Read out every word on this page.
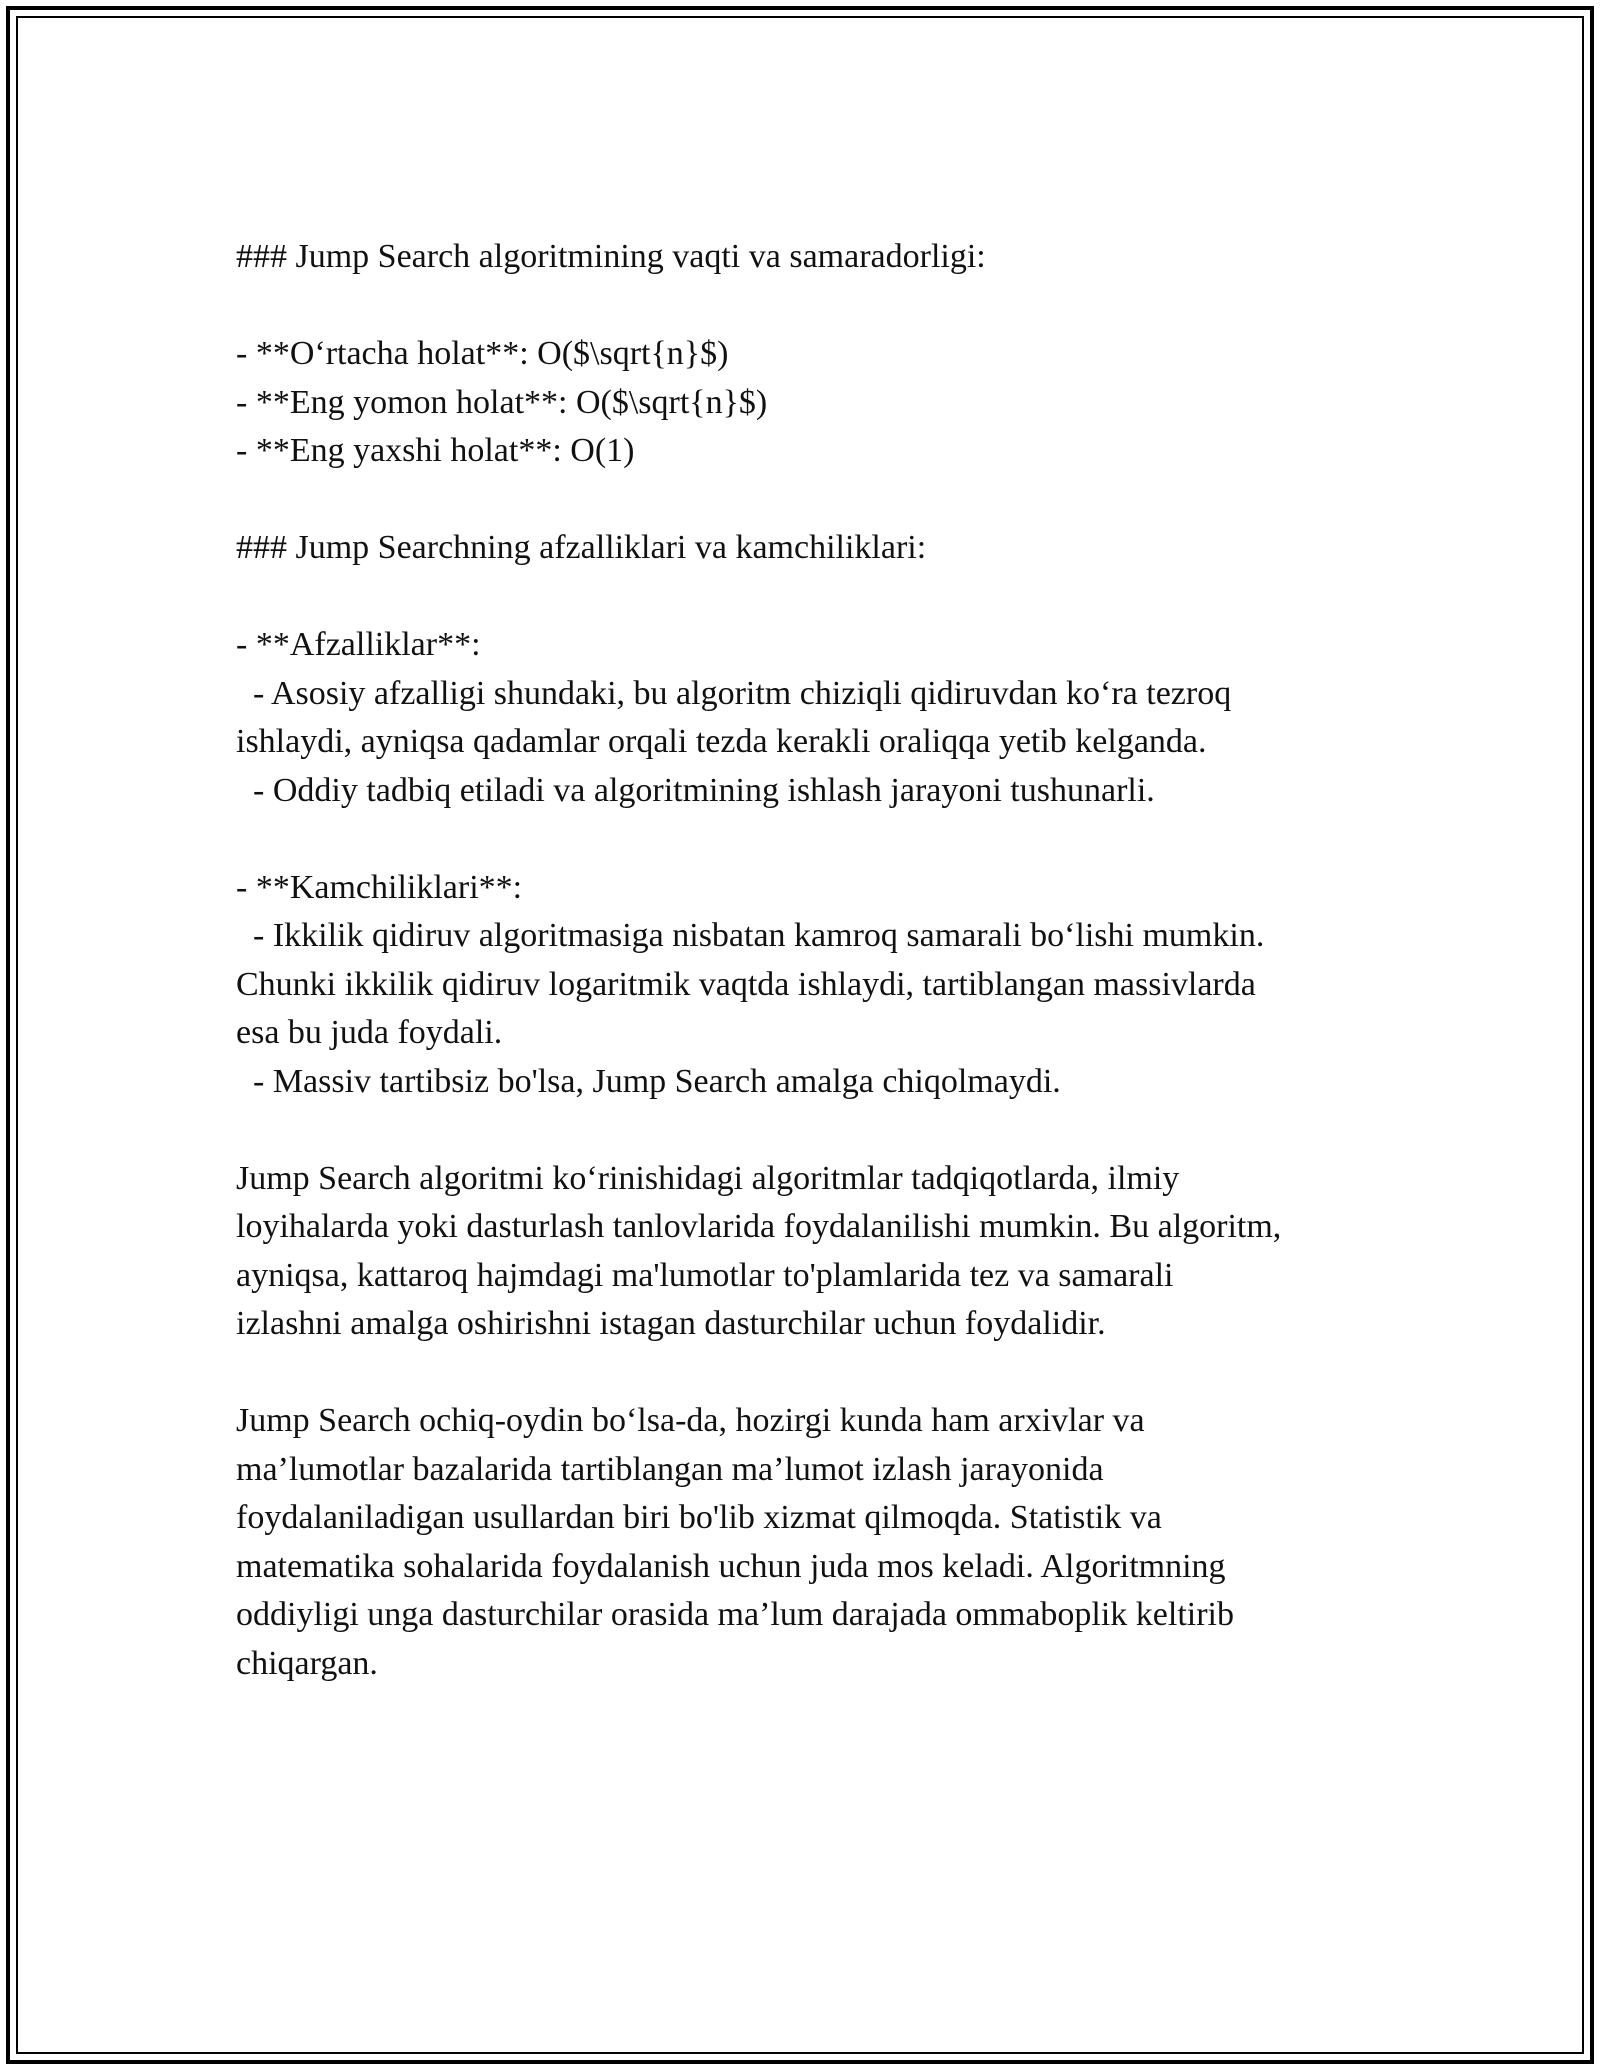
### Jump Search algoritmining vaqti va samaradorligi:
- **O‘rtacha holat**: O($\sqrt{n}$)
- **Eng yomon holat**: O($\sqrt{n}$)
- **Eng yaxshi holat**: O(1)
### Jump Searchning afzalliklari va kamchiliklari:
- **Afzalliklar**:
- Asosiy afzalligi shundaki, bu algoritm chiziqli qidiruvdan ko‘ra tezroq
ishlaydi, ayniqsa qadamlar orqali tezda kerakli oraliqqa yetib kelganda.
- Oddiy tadbiq etiladi va algoritmining ishlash jarayoni tushunarli.
- **Kamchiliklari**:
- Ikkilik qidiruv algoritmasiga nisbatan kamroq samarali bo‘lishi mumkin.
Chunki ikkilik qidiruv logaritmik vaqtda ishlaydi, tartiblangan massivlarda
esa bu juda foydali.
- Massiv tartibsiz bo'lsa, Jump Search amalga chiqolmaydi.
Jump Search algoritmi ko‘rinishidagi algoritmlar tadqiqotlarda, ilmiy
loyihalarda yoki dasturlash tanlovlarida foydalanilishi mumkin. Bu algoritm,
ayniqsa, kattaroq hajmdagi ma'lumotlar to'plamlarida tez va samarali
izlashni amalga oshirishni istagan dasturchilar uchun foydalidir.
Jump Search ochiq-oydin bo‘lsa-da, hozirgi kunda ham arxivlar va
ma’lumotlar bazalarida tartiblangan ma’lumot izlash jarayonida
foydalaniladigan usullardan biri bo'lib xizmat qilmoqda. Statistik va
matematika sohalarida foydalanish uchun juda mos keladi. Algoritmning
oddiyligi unga dasturchilar orasida ma’lum darajada ommaboplik keltirib
chiqargan.
